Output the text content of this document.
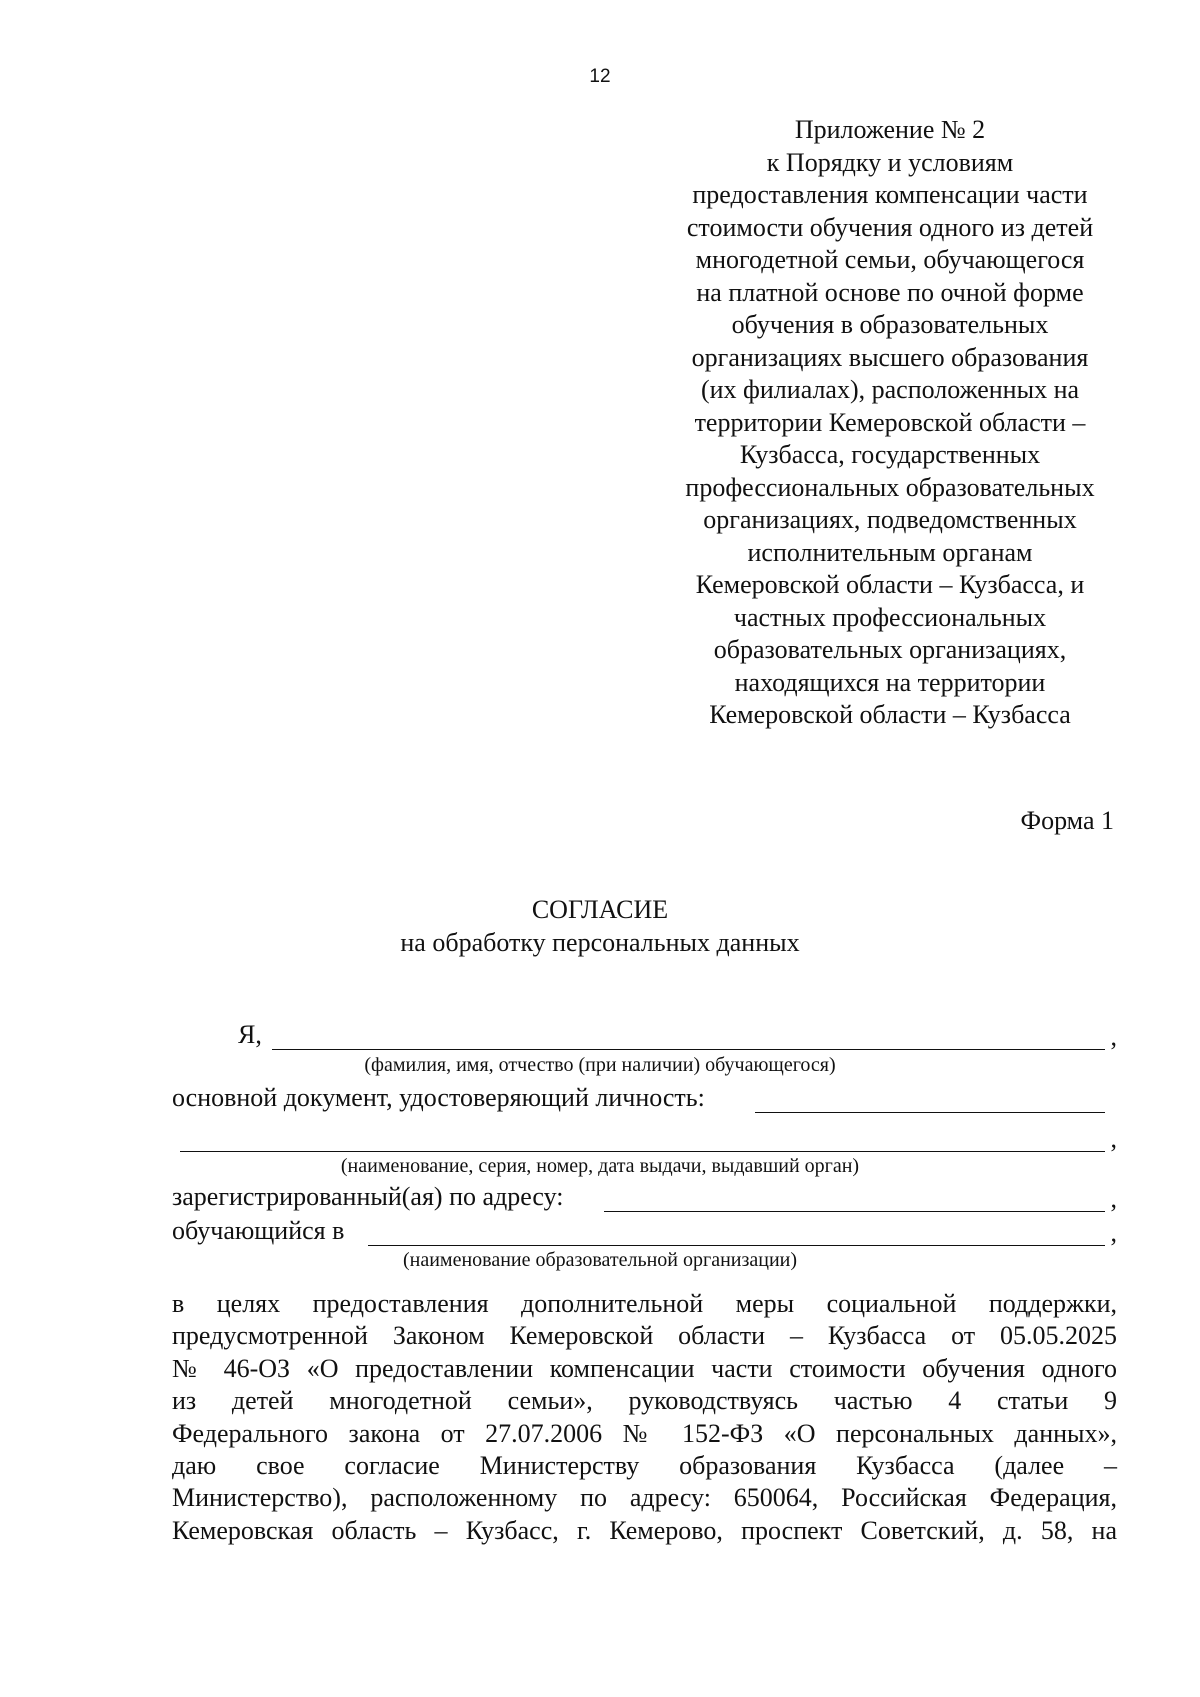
12
Приложение № 2
к Порядку и условиям
предоставления компенсации части
стоимости обучения одного из детей
многодетной семьи, обучающегося
на платной основе по очной форме
обучения в образовательных
организациях высшего образования
(их филиалах), расположенных на
территории Кемеровской области –
Кузбасса, государственных
профессиональных образовательных
организациях, подведомственных
исполнительным органам
Кемеровской области – Кузбасса, и
частных профессиональных
образовательных организациях,
находящихся на территории
Кемеровской области – Кузбасса
Форма 1
СОГЛАСИЕ
на обработку персональных данных
Я,	,
(фамилия, имя, отчество (при наличии) обучающегося)
основной документ, удостоверяющий личность:
,
(наименование, серия, номер, дата выдачи, выдавший орган)
зарегистрированный(ая) по адресу:	,
обучающийся в	,
(наименование образовательной организации)
в целях предоставления дополнительной меры социальной поддержки,
предусмотренной Законом Кемеровской области – Кузбасса от 05.05.2025
№ 46-ОЗ «О предоставлении компенсации части стоимости обучения одного
из детей многодетной семьи», руководствуясь частью 4 статьи 9
Федерального закона от 27.07.2006 № 152-ФЗ «О персональных данных»,
даю свое согласие Министерству образования Кузбасса (далее –
Министерство), расположенному по адресу: 650064, Российская Федерация,
Кемеровская область – Кузбасс, г. Кемерово, проспект Советский, д. 58, на
